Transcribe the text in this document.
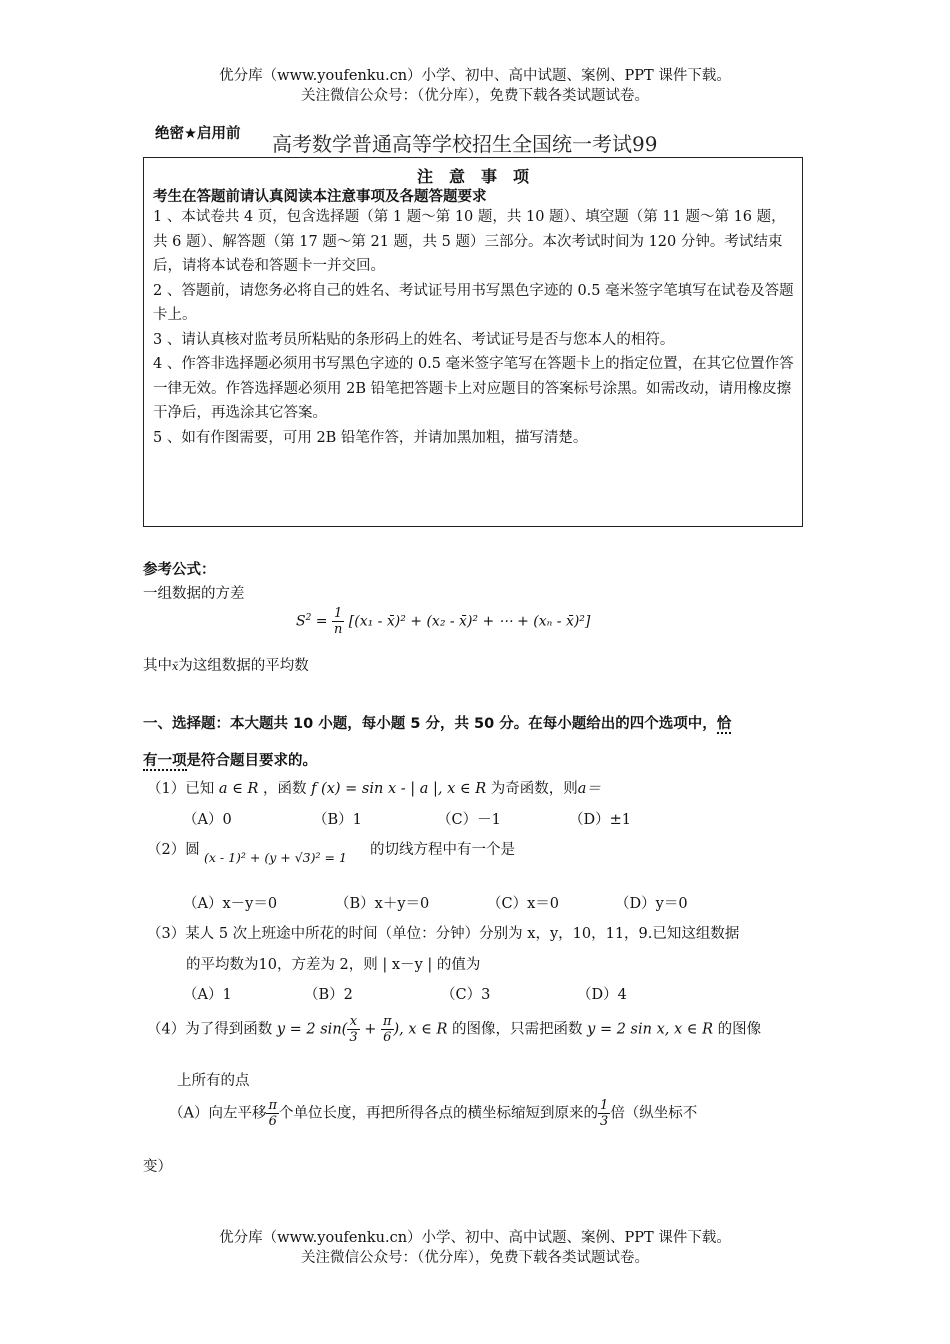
优分库（www.youfenku.cn）小学、初中、高中试题、案例、PPT 课件下载。
关注微信公众号：（优分库），免费下载各类试题试卷。
高考数学普通高等学校招生全国统一考试99
绝密★启用前
注　意　事　项
考生在答题前请认真阅读本注意事项及各题答题要求
1 、本试卷共 4 页，包含选择题（第 1 题～第 10 题，共 10 题）、填空题（第 11 题～第 16 题，共 6 题）、解答题（第 17 题～第 21 题，共 5 题）三部分。本次考试时间为 120 分钟。考试结束后，请将本试卷和答题卡一并交回。
2 、答题前，请您务必将自己的姓名、考试证号用书写黑色字迹的 0.5 毫米签字笔填写在试卷及答题卡上。
3 、请认真核对监考员所粘贴的条形码上的姓名、考试证号是否与您本人的相符。
4 、作答非选择题必须用书写黑色字迹的 0.5 毫米签字笔写在答题卡上的指定位置，在其它位置作答一律无效。作答选择题必须用 2B 铅笔把答题卡上对应题目的答案标号涂黑。如需改动，请用橡皮擦干净后，再选涂其它答案。
5 、如有作图需要，可用 2B 铅笔作答，并请加黑加粗，描写清楚。
参考公式：
一组数据的方差
$S^2 = \frac{1}{n} [(x_1$ - x̄)² + (x₂ - x̄)² + ⋯ + (xₙ - x̄)²]
其中x̄为这组数据的平均数
一、选择题：本大题共 10 小题，每小题 5 分，共 50 分。在每小题给出的四个选项中，恰
有一项是符合题目要求的。
（1）已知 a ∈ R ，函数 f (x) = sin x - | a |, x ∈ R 为奇函数，则a＝
（A）0	（B）1	（C）－1	（D）±1
（2）圆 (x - 1)² + (y + √3)² = 1 的切线方程中有一个是
（A）x－y＝0	（B）x＋y＝0	（C）x＝0	（D）y＝0
（3）某人 5 次上班途中所花的时间（单位：分钟）分别为 x，y，10，11，9.已知这组数据
的平均数为10，方差为 2，则 | x－y | 的值为
（A）1	（B）2	（C）3	（D）4
（4）为了得到函数 y = 2 $\sin( \frac{x}{3} + \frac{\pi}{6}$ ), x ∈ R 的图像，只需把函数 y = 2 sin x, x ∈ R 的图像
上所有的点
（A）向左平移 $\frac{\pi}{6}$ 个单位长度，再把所得各点的横坐标缩短到原来的 $\frac{1}{3}$ 倍（纵坐标不
变）
优分库（www.youfenku.cn）小学、初中、高中试题、案例、PPT 课件下载。
关注微信公众号：（优分库），免费下载各类试题试卷。
